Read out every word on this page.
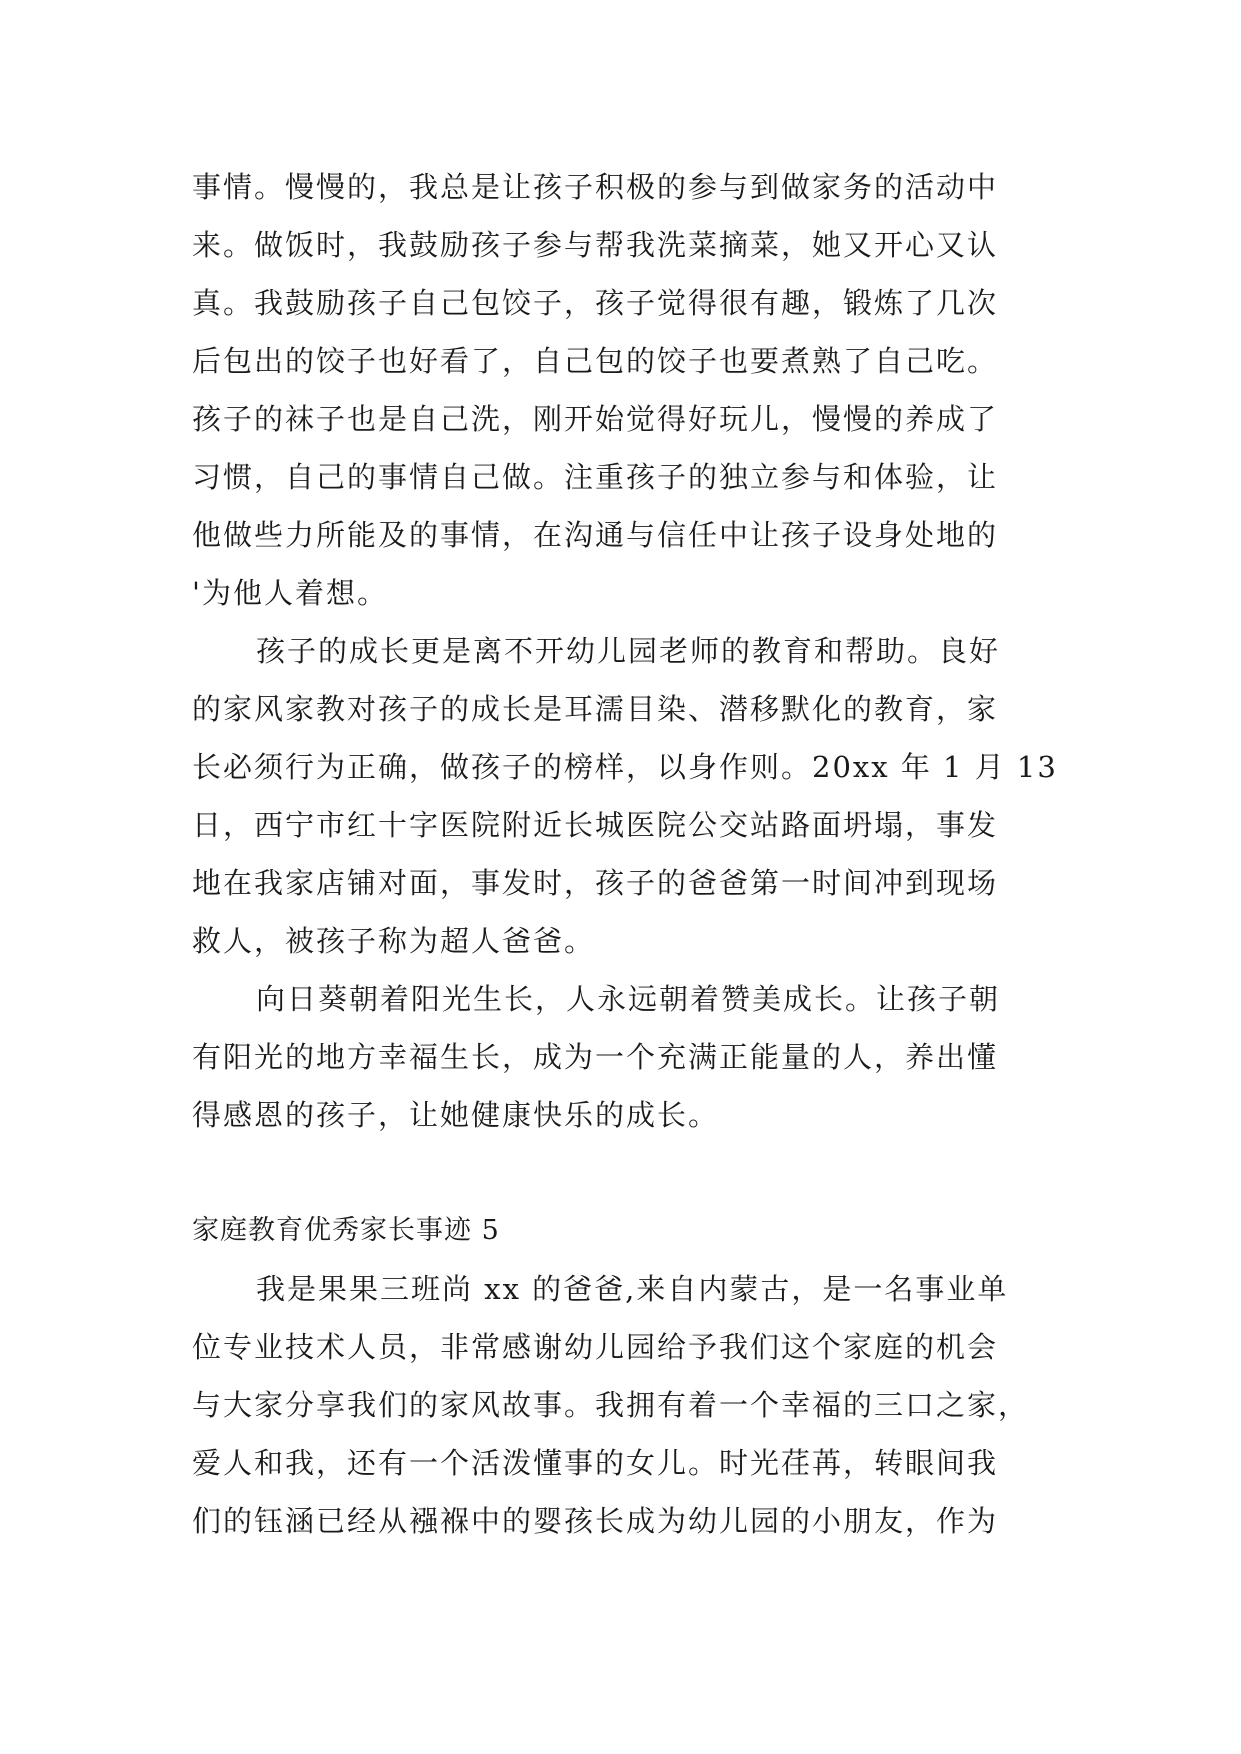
事情。慢慢的，我总是让孩子积极的参与到做家务的活动中
来。做饭时，我鼓励孩子参与帮我洗菜摘菜，她又开心又认
真。我鼓励孩子自己包饺子，孩子觉得很有趣，锻炼了几次
后包出的饺子也好看了，自己包的饺子也要煮熟了自己吃。
孩子的袜子也是自己洗，刚开始觉得好玩儿，慢慢的养成了
习惯，自己的事情自己做。注重孩子的独立参与和体验，让
他做些力所能及的事情，在沟通与信任中让孩子设身处地的
'为他人着想。
孩子的成长更是离不开幼儿园老师的教育和帮助。良好
的家风家教对孩子的成长是耳濡目染、潜移默化的教育，家
长必须行为正确，做孩子的榜样，以身作则。20xx 年 1 月 13
日，西宁市红十字医院附近长城医院公交站路面坍塌，事发
地在我家店铺对面，事发时，孩子的爸爸第一时间冲到现场
救人，被孩子称为超人爸爸。
向日葵朝着阳光生长，人永远朝着赞美成长。让孩子朝
有阳光的地方幸福生长，成为一个充满正能量的人，养出懂
得感恩的孩子，让她健康快乐的成长。
家庭教育优秀家长事迹 5
我是果果三班尚 xx 的爸爸,来自内蒙古，是一名事业单
位专业技术人员，非常感谢幼儿园给予我们这个家庭的机会
与大家分享我们的家风故事。我拥有着一个幸福的三口之家，
爱人和我，还有一个活泼懂事的女儿。时光荏苒，转眼间我
们的钰涵已经从襁褓中的婴孩长成为幼儿园的小朋友，作为
